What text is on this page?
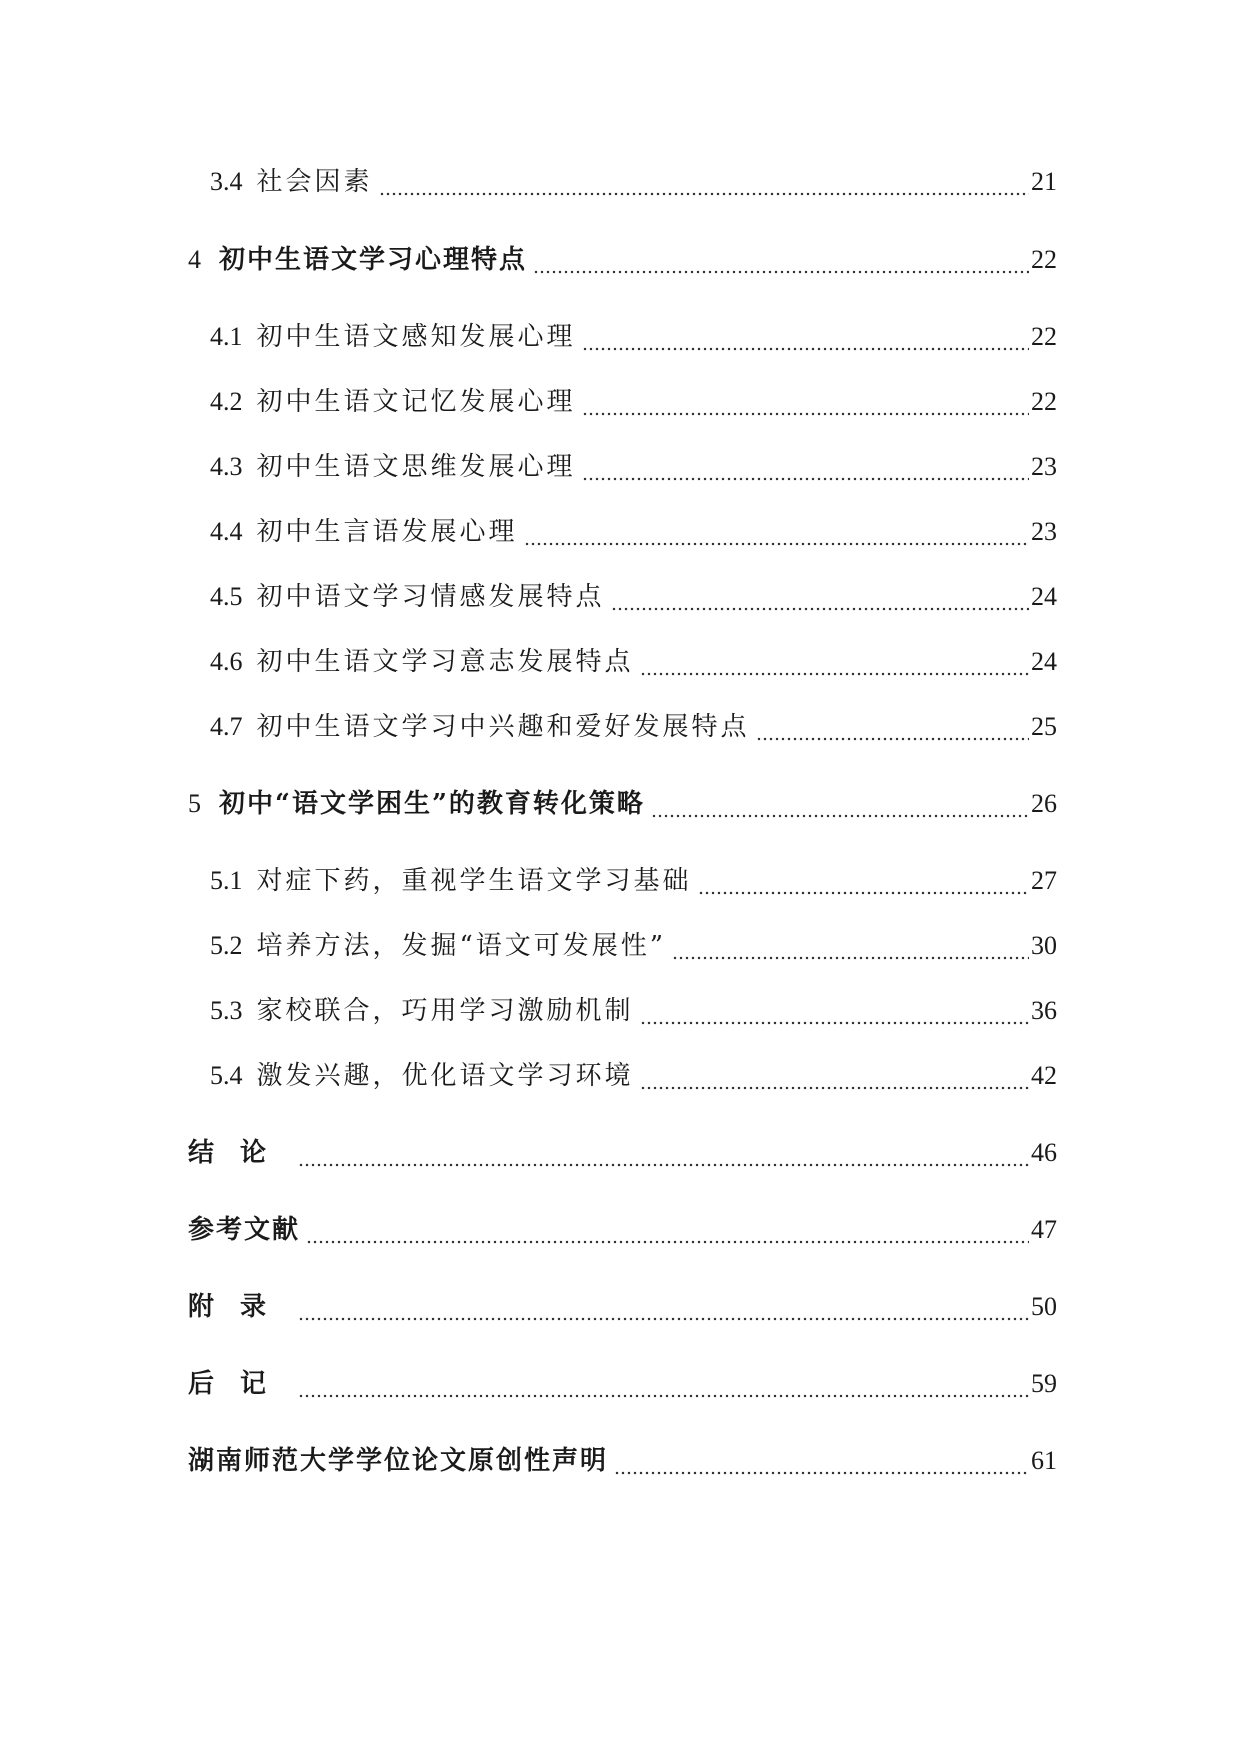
3.4 社会因素	21
4 初中生语文学习心理特点	22
4.1 初中生语文感知发展心理	22
4.2 初中生语文记忆发展心理	22
4.3 初中生语文思维发展心理	23
4.4 初中生言语发展心理	23
4.5 初中语文学习情感发展特点	24
4.6 初中生语文学习意志发展特点	24
4.7 初中生语文学习中兴趣和爱好发展特点	25
5 初中“语文学困生”的教育转化策略	26
5.1 对症下药，重视学生语文学习基础	27
5.2 培养方法，发掘“语文可发展性”	30
5.3 家校联合，巧用学习激励机制	36
5.4 激发兴趣，优化语文学习环境	42
结论	46
参考文献	47
附录	50
后记	59
湖南师范大学学位论文原创性声明	61
